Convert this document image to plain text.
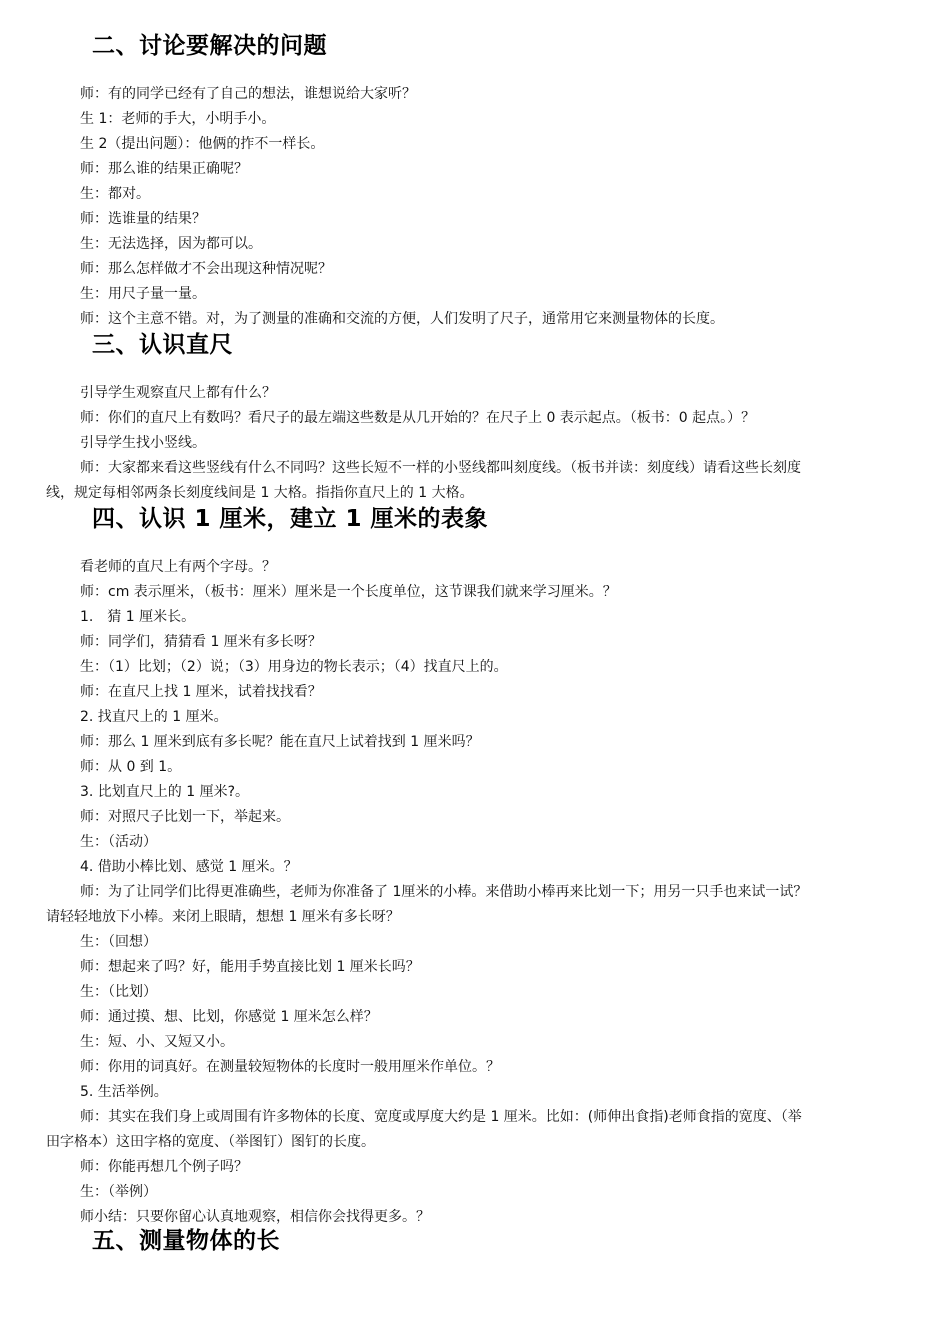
二、讨论要解决的问题
师：有的同学已经有了自己的想法，谁想说给大家听？
生 1：老师的手大，小明手小。
生 2（提出问题）：他俩的拃不一样长。
师：那么谁的结果正确呢？
生：都对。
师：选谁量的结果？
生：无法选择，因为都可以。
师：那么怎样做才不会出现这种情况呢？
生：用尺子量一量。
师：这个主意不错。对，为了测量的准确和交流的方便，人们发明了尺子，通常用它来测量物体的长度。
三、认识直尺
引导学生观察直尺上都有什么？
师：你们的直尺上有数吗？看尺子的最左端这些数是从几开始的？在尺子上 0 表示起点。（板书：0 起点。）？
引导学生找小竖线。
师：大家都来看这些竖线有什么不同吗？这些长短不一样的小竖线都叫刻度线。（板书并读：刻度线）请看这些长刻度
线，规定每相邻两条长刻度线间是 1 大格。指指你直尺上的 1 大格。
四、认识 1 厘米，建立 1 厘米的表象
看老师的直尺上有两个字母。？
师：cm 表示厘米，（板书：厘米）厘米是一个长度单位，这节课我们就来学习厘米。？
1.　猜 1 厘米长。
师：同学们，猜猜看 1 厘米有多长呀？
生：（1）比划；（2）说；（3）用身边的物长表示；（4）找直尺上的。
师：在直尺上找 1 厘米，试着找找看？
2. 找直尺上的 1 厘米。
师：那么 1 厘米到底有多长呢？能在直尺上试着找到 1 厘米吗？
师：从 0 到 1。
3. 比划直尺上的 1 厘米?。
师：对照尺子比划一下，举起来。
生：（活动）
4. 借助小棒比划、感觉 1 厘米。？
师：为了让同学们比得更准确些，老师为你准备了 1厘米的小棒。来借助小棒再来比划一下；用另一只手也来试一试？
请轻轻地放下小棒。来闭上眼睛，想想 1 厘米有多长呀？
生：（回想）
师：想起来了吗？好，能用手势直接比划 1 厘米长吗？
生：（比划）
师：通过摸、想、比划，你感觉 1 厘米怎么样？
生：短、小、又短又小。
师：你用的词真好。在测量较短物体的长度时一般用厘米作单位。？
5. 生活举例。
师：其实在我们身上或周围有许多物体的长度、宽度或厚度大约是 1 厘米。比如：(师伸出食指)老师食指的宽度、（举
田字格本）这田字格的宽度、（举图钉）图钉的长度。
师：你能再想几个例子吗？
生：（举例）
师小结：只要你留心认真地观察，相信你会找得更多。？
五、测量物体的长
